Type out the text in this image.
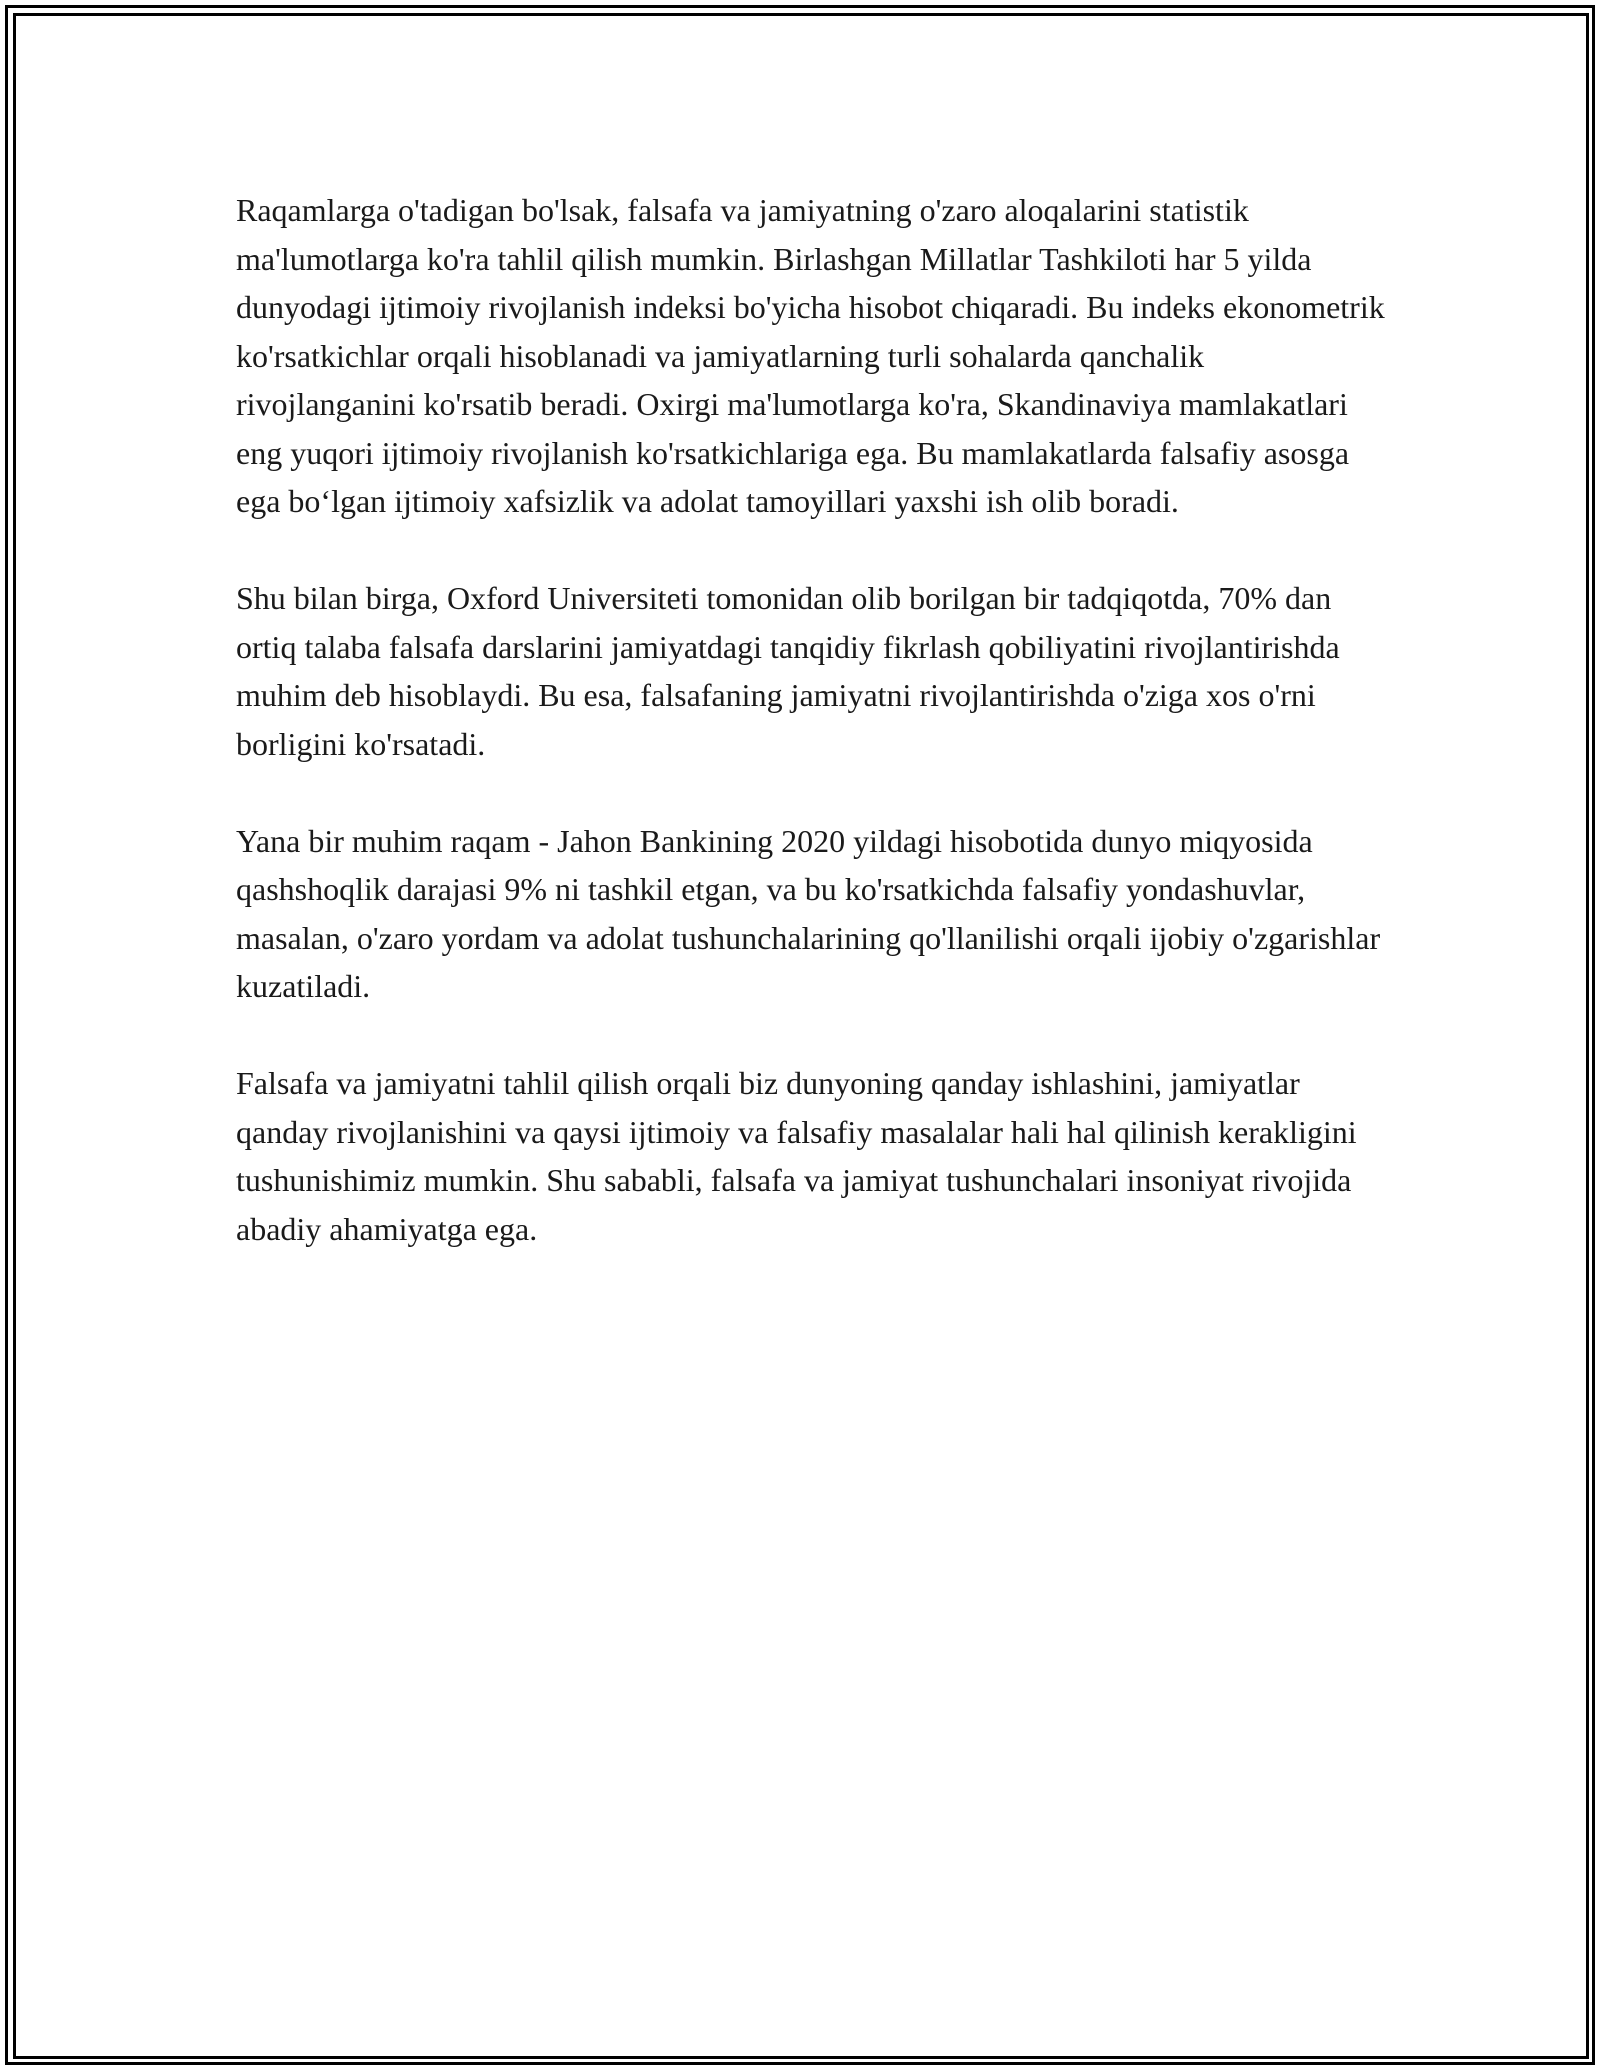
Raqamlarga o'tadigan bo'lsak, falsafa va jamiyatning o'zaro aloqalarini statistik ma'lumotlarga ko'ra tahlil qilish mumkin. Birlashgan Millatlar Tashkiloti har 5 yilda dunyodagi ijtimoiy rivojlanish indeksi bo'yicha hisobot chiqaradi. Bu indeks ekonometrik ko'rsatkichlar orqali hisoblanadi va jamiyatlarning turli sohalarda qanchalik rivojlanganini ko'rsatib beradi. Oxirgi ma'lumotlarga ko'ra, Skandinaviya mamlakatlari eng yuqori ijtimoiy rivojlanish ko'rsatkichlariga ega. Bu mamlakatlarda falsafiy asosga ega bo‘lgan ijtimoiy xafsizlik va adolat tamoyillari yaxshi ish olib boradi.

Shu bilan birga, Oxford Universiteti tomonidan olib borilgan bir tadqiqotda, 70% dan ortiq talaba falsafa darslarini jamiyatdagi tanqidiy fikrlash qobiliyatini rivojlantirishda muhim deb hisoblaydi. Bu esa, falsafaning jamiyatni rivojlantirishda o'ziga xos o'rni borligini ko'rsatadi.

Yana bir muhim raqam - Jahon Bankining 2020 yildagi hisobotida dunyo miqyosida qashshoqlik darajasi 9% ni tashkil etgan, va bu ko'rsatkichda falsafiy yondashuvlar, masalan, o'zaro yordam va adolat tushunchalarining qo'llanilishi orqali ijobiy o'zgarishlar kuzatiladi.

Falsafa va jamiyatni tahlil qilish orqali biz dunyoning qanday ishlashini, jamiyatlar qanday rivojlanishini va qaysi ijtimoiy va falsafiy masalalar hali hal qilinish kerakligini tushunishimiz mumkin. Shu sababli, falsafa va jamiyat tushunchalari insoniyat rivojida abadiy ahamiyatga ega.
